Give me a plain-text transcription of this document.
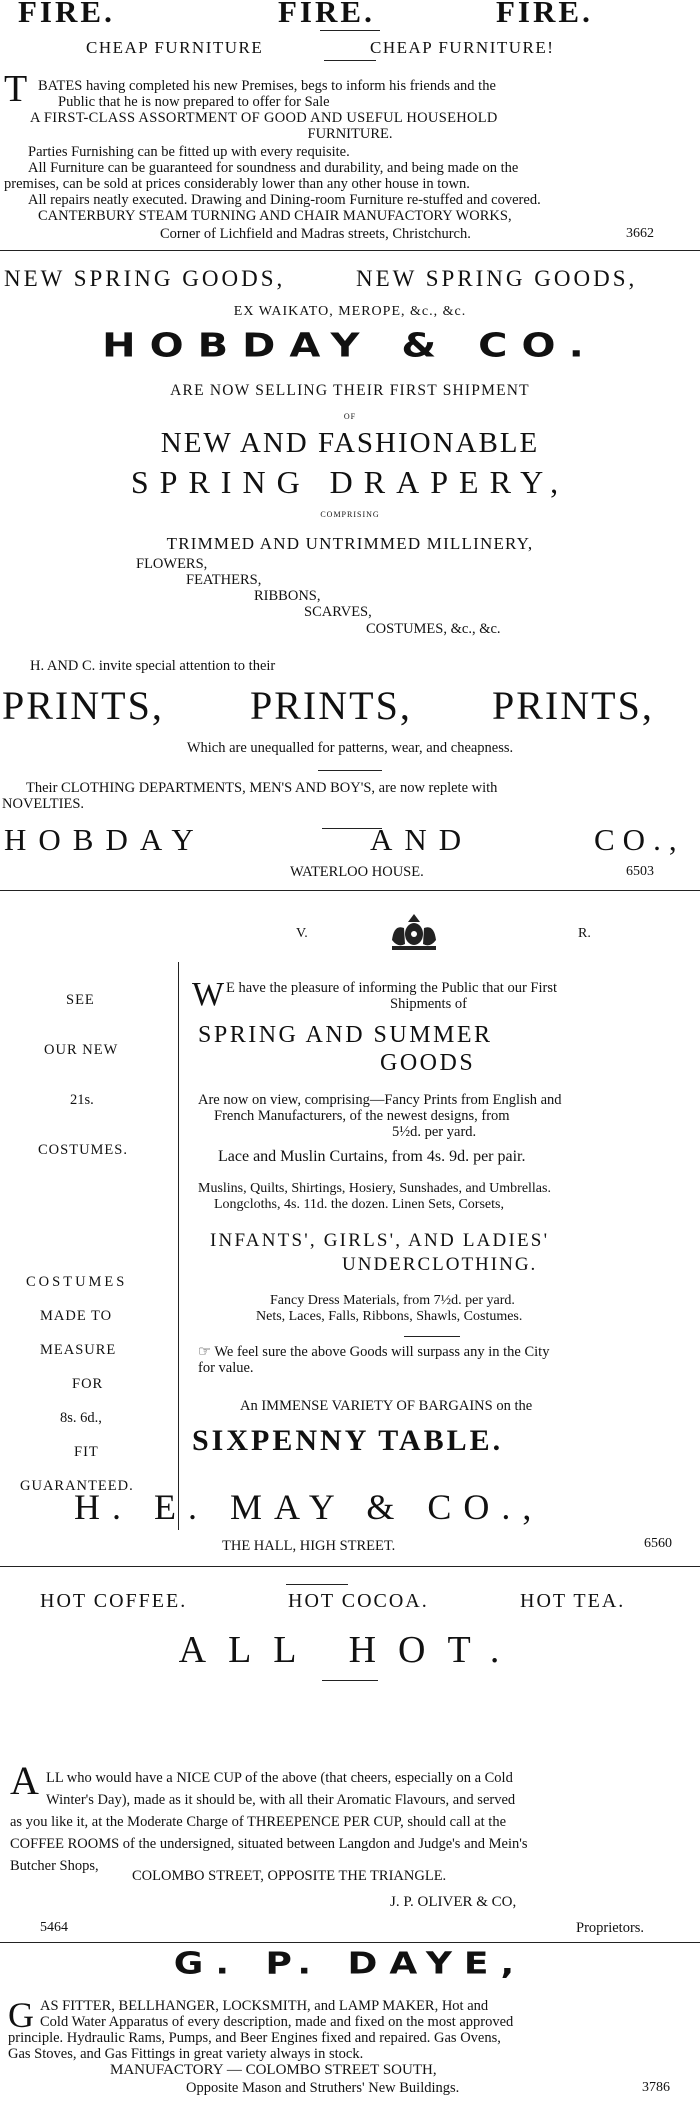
FIRE.	FIRE.	FIRE.
CHEAP FURNITURE	CHEAP FURNITURE!
T BATES having completed his new Premises, begs to inform his friends and the
Public that he is now prepared to offer for Sale
A FIRST-CLASS ASSORTMENT OF GOOD AND USEFUL HOUSEHOLD
FURNITURE.
Parties Furnishing can be fitted up with every requisite.
All Furniture can be guaranteed for soundness and durability, and being made on the
premises, can be sold at prices considerably lower than any other house in town.
All repairs neatly executed. Drawing and Dining-room Furniture re-stuffed and covered.
CANTERBURY STEAM TURNING AND CHAIR MANUFACTORY WORKS,
Corner of Lichfield and Madras streets, Christchurch.	3662
NEW SPRING GOODS,	NEW SPRING GOODS,
EX WAIKATO, MEROPE, &c., &c.
HOBDAY & CO.
ARE NOW SELLING THEIR FIRST SHIPMENT
OF
NEW AND FASHIONABLE
SPRING DRAPERY,
COMPRISING
TRIMMED AND UNTRIMMED MILLINERY,
FLOWERS,
FEATHERS,
RIBBONS,
SCARVES,
COSTUMES, &c., &c.
H. AND C. invite special attention to their
PRINTS, PRINTS, PRINTS,
Which are unequalled for patterns, wear, and cheapness.
Their CLOTHING DEPARTMENTS, MEN'S AND BOY'S, are now replete with
NOVELTIES.
HOBDAY	AND	CO.,
WATERLOO HOUSE.	6503
V.	R.
SEE
OUR NEW
21s.
COSTUMES.
COSTUMES
MADE TO
MEASURE
FOR
8s. 6d.,
FIT
GUARANTEED.
W E have the pleasure of informing the Public that our First
Shipments of
SPRING AND SUMMER
GOODS
Are now on view, comprising—Fancy Prints from English and
French Manufacturers, of the newest designs, from
5½d. per yard.
Lace and Muslin Curtains, from 4s. 9d. per pair.
Muslins, Quilts, Shirtings, Hosiery, Sunshades, and Umbrellas.
Longcloths, 4s. 11d. the dozen. Linen Sets, Corsets,
INFANTS', GIRLS', AND LADIES'
UNDERCLOTHING.
Fancy Dress Materials, from 7½d. per yard.
Nets, Laces, Falls, Ribbons, Shawls, Costumes.
☞ We feel sure the above Goods will surpass any in the City
for value.
An IMMENSE VARIETY OF BARGAINS on the
SIXPENNY TABLE.
H. E. MAY & CO.,
THE HALL, HIGH STREET.	6560
HOT COFFEE.	HOT COCOA.	HOT TEA.
ALL HOT.
A LL who would have a NICE CUP of the above (that cheers, especially on a Cold
Winter's Day), made as it should be, with all their Aromatic Flavours, and served
as you like it, at the Moderate Charge of THREEPENCE PER CUP, should call at the
COFFEE ROOMS of the undersigned, situated between Langdon and Judge's and Mein's
Butcher Shops,
COLOMBO STREET, OPPOSITE THE TRIANGLE.
J. P. OLIVER & CO,
5464	Proprietors.
G. P. DAYE,
G AS FITTER, BELLHANGER, LOCKSMITH, and LAMP MAKER, Hot and
Cold Water Apparatus of every description, made and fixed on the most approved
principle. Hydraulic Rams, Pumps, and Beer Engines fixed and repaired. Gas Ovens,
Gas Stoves, and Gas Fittings in great variety always in stock.
MANUFACTORY — COLOMBO STREET SOUTH,
Opposite Mason and Struthers' New Buildings.	3786
